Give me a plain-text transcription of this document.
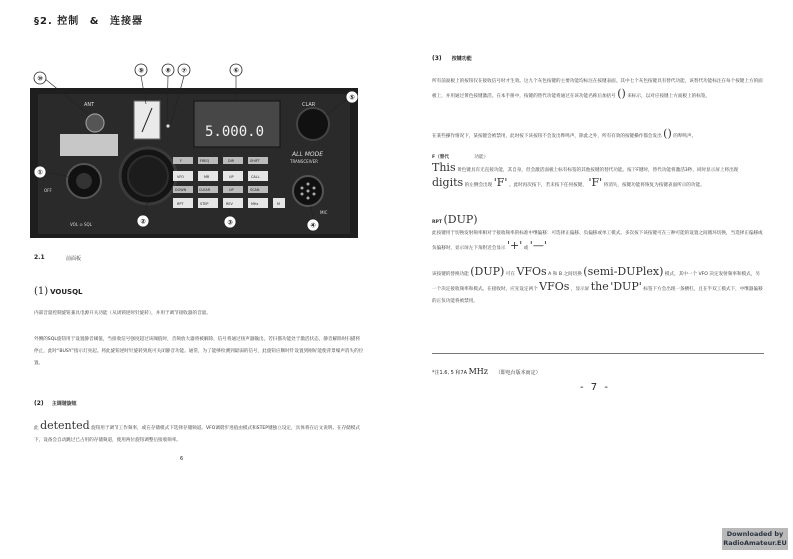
§2. 控制 & 连接器
ANT
5.000.0
CLAR
ALL MODE
TRANSCEIVER
OFF
VOL ⊙ SQL
F	FREQ	DIR	SHIFT
VFO	MR	UP	CALL
DOWN	CLEAR	UP	SCAN
RPT	STEP	REV	MHz	M
MIC
⑩
⑨	⑧ ⑦	⑥
⑤
①
②	③	④
2.1	前面板
(1) VOUSQL
内部音量控制旋钮兼具电源开关功能（从闭锁逆时针旋转），并用于调节接收器的音量。
外侧的SQL旋钮用于设置静音阈值，当接收信号强度超过该阈值时，音频放大器将被解除，信号将通过扬声器输出。若扫描功能处于激活状态，静音解除时扫描将停止，此时“BUSY”指示灯亮起。将此旋钮逆时针旋转到底可关闭静音功能。通常，为了能够检测到最弱的信号，此旋钮应顺时针设置到刚好能使背景噪声消失的位置。
(2) 主调谐旋钮
此 detented 旋钮用于调节工作频率，或在存储模式下选择存储频道。VFO调谐步进值由模式和STEP键独立设定，具体将在后文说明。在存储模式下，设备会自动跳过已占用的存储频道，使用两位旋钮调整后接收频率。
6
(3) 按键功能
所有前面板上的按钮仅在接收信号时才生效。这九个灰色按键的主要功能均标注在按键表面。其中七个灰色按键具有替代功能，该替代功能标注在每个按键上方的面板上，并用通过黄色按键激活。在本手册中，按键的替代功能将通过在该功能名称后加括号 () 来标示，以对应按键上方面板上的标签。
在某些操作情况下，某按键会被禁用，此时按下该按钮不会发出哔鸣声，除此之外，所有有效的按键操作都会发出 () 的哔鸣声。
F（替代	功能）
This 黄色键具有无直接功能，其自身，但会激活面板上标有标签的其他按键的替代功能。按下F键时，替代功能将激活3秒，同时显示屏上将出现 digits 的左侧会出现 'F' 。此时再次按下，若未按下任何按键， 'F' 将消失，按键功能将恢复为按键表面所示的功能。
RPT (DUP)
此按键用于切换发射频率相对于接收频率的标准中继偏移：可选择正偏移、负偏移或单工模式。多次按下该按键可在三种可能的设置之间循环切换，当选择正偏移或负偏移时，显示屏左下角附近会显示 '+' 或 '—'
该按键的替换功能 (DUP) 可在 VFOs A 和 B 之间切换 (semi-DUPlex) 模式，其中一个 VFO 决定发射频率和模式，另一个决定接收频率和模式。在接收时，应先设定两个 VFOs ，显示屏 the 'DUP' 标签下方会出现一条横杠，且在半双工模式下，中继器偏移的正负功能将被禁用。
*注1.6, 5 和7A MHz （即电台版本而定）
- 7 -
Downloaded by
RadioAmateur.EU
